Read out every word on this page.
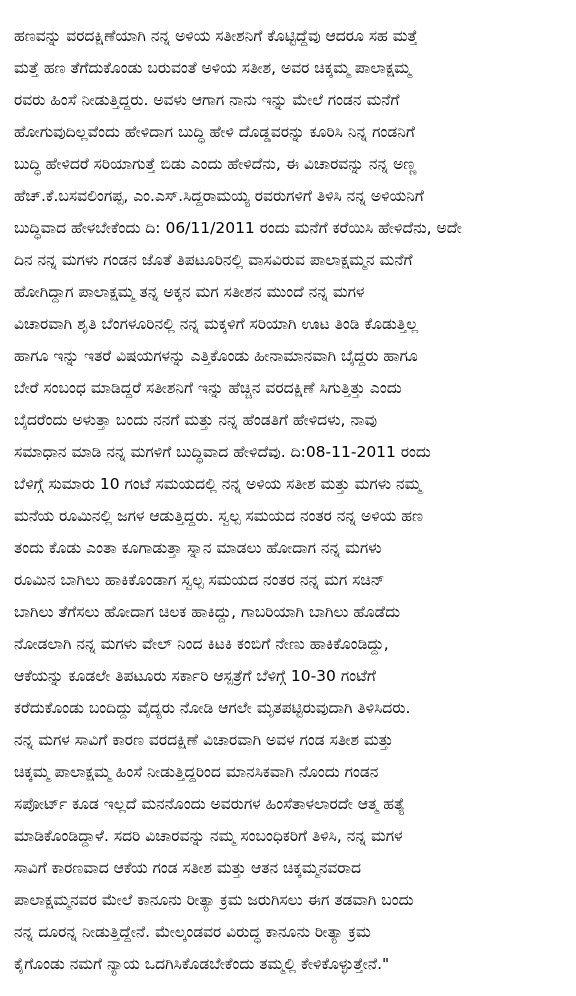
ಹಣವನ್ನು ವರದಕ್ಷಿಣೆಯಾಗಿ ನನ್ನ ಅಳಿಯ ಸತೀಶನಿಗೆ ಕೊಟ್ಟಿದ್ದೆವು ಆದರೂ ಸಹ ಮತ್ತೆ
ಮತ್ತೆ ಹಣ ತೆಗೆದುಕೊಂಡು ಬರುವಂತೆ ಅಳಿಯ ಸತೀಶ, ಅವರ ಚಿಕ್ಕಮ್ಮ ಪಾಲಾಕ್ಷಮ್ಮ
ರವರು ಹಿಂಸೆ ನೀಡುತ್ತಿದ್ದರು. ಅವಳು ಆಗಾಗ ನಾನು ಇನ್ನು ಮೇಲೆ ಗಂಡನ ಮನೆಗೆ
ಹೋಗುವುದಿಲ್ಲವೆಂದು ಹೇಳಿದಾಗ ಬುದ್ಧಿ ಹೇಳಿ ದೊಡ್ಡವರನ್ನು ಕೂರಿಸಿ ನಿನ್ನ ಗಂಡನಿಗೆ
ಬುದ್ಧಿ ಹೇಳಿದರೆ ಸರಿಯಾಗುತ್ತೆ ಬಿಡು ಎಂದು ಹೇಳಿದೆನು, ಈ ವಿಚಾರವನ್ನು ನನ್ನ ಅಣ್ಣ
ಹೆಚ್.ಕೆ.ಬಸವಲಿಂಗಪ್ಪ, ಎಂ.ಎಸ್.ಸಿದ್ದರಾಮಯ್ಯ ರವರುಗಳಿಗೆ ತಿಳಿಸಿ ನನ್ನ ಅಳಿಯನಿಗೆ
ಬುದ್ಧಿವಾದ ಹೇಳಬೇಕೆಂದು ದಿ: 06/11/2011 ರಂದು ಮನೆಗೆ ಕರೆಯಿಸಿ ಹೇಳಿದೆನು, ಅದೇ
ದಿನ ನನ್ನ ಮಗಳು ಗಂಡನ ಜೊತೆ ತಿಪಟೂರಿನಲ್ಲಿ ವಾಸವಿರುವ ಪಾಲಾಕ್ಷಮ್ಮನ ಮನೆಗೆ
ಹೋಗಿದ್ದಾಗ ಪಾಲಾಕ್ಷಮ್ಮ ತನ್ನ ಅಕ್ಕನ ಮಗ ಸತೀಶನ ಮುಂದೆ ನನ್ನ ಮಗಳ
ವಿಚಾರವಾಗಿ ಶೃತಿ ಬೆಂಗಳೂರಿನಲ್ಲಿ ನನ್ನ ಮಕ್ಕಳಿಗೆ ಸರಿಯಾಗಿ ಊಟ ತಿಂಡಿ ಕೊಡುತ್ತಿಲ್ಲ
ಹಾಗೂ ಇನ್ನು ಇತರೆ ವಿಷಯಗಳನ್ನು ಎತ್ತಿಕೊಂಡು ಹೀನಾಮಾನವಾಗಿ ಬೈದ್ದರು ಹಾಗೂ
ಬೇರೆ ಸಂಬಂಧ ಮಾಡಿದ್ದರೆ ಸತೀಶನಿಗೆ ಇನ್ನು ಹೆಚ್ಚಿನ ವರದಕ್ಷಿಣೆ ಸಿಗುತ್ತಿತ್ತು ಎಂದು
ಬೈದರೆಂದು ಅಳುತ್ತಾ ಬಂದು ನನಗೆ ಮತ್ತು ನನ್ನ ಹೆಂಡತಿಗೆ ಹೇಳಿದಳು, ನಾವು
ಸಮಾಧಾನ ಮಾಡಿ ನನ್ನ ಮಗಳಿಗೆ ಬುದ್ಧಿವಾದ ಹೇಳಿದೆವು. ದಿ:08-11-2011 ರಂದು
ಬೆಳಿಗ್ಗೆ ಸುಮಾರು 10 ಗಂಟೆ ಸಮಯದಲ್ಲಿ ನನ್ನ ಅಳಿಯ ಸತೀಶ ಮತ್ತು ಮಗಳು ನಮ್ಮ
ಮನೆಯ ರೂಮಿನಲ್ಲಿ ಜಗಳ ಆಡುತ್ತಿದ್ದರು. ಸ್ವಲ್ಪ ಸಮಯದ ನಂತರ ನನ್ನ ಅಳಿಯ ಹಣ
ತಂದು ಕೊಡು ಎಂತಾ ಕೂಗಾಡುತ್ತಾ ಸ್ನಾನ ಮಾಡಲು ಹೋದಾಗ ನನ್ನ ಮಗಳು
ರೂಮಿನ ಬಾಗಿಲು ಹಾಕಿಕೊಂಡಾಗ ಸ್ವಲ್ಪ ಸಮಯದ ನಂತರ ನನ್ನ ಮಗ ಸಚಿನ್
ಬಾಗಿಲು ತೆಗೆಸಲು ಹೋದಾಗ ಚಿಲಕ ಹಾಕಿದ್ದು, ಗಾಬರಿಯಾಗಿ ಬಾಗಿಲು ಹೊಡೆದು
ನೋಡಲಾಗಿ ನನ್ನ ಮಗಳು ವೇಲ್ ನಿಂದ ಕಿಟಕಿ ಕಂಬಿಗೆ ನೇಣು ಹಾಕಿಕೊಂಡಿದ್ದು,
ಆಕೆಯನ್ನು ಕೂಡಲೇ ತಿಪಟೂರು ಸರ್ಕಾರಿ ಆಸ್ಪತ್ರೆಗೆ ಬೆಳಿಗ್ಗೆ 10-30 ಗಂಟೆಗೆ
ಕರೆದುಕೊಂಡು ಬಂದಿದ್ದು ವೈದ್ಯರು ನೋಡಿ ಆಗಲೇ ಮೃತಪಟ್ಟಿರುವುದಾಗಿ ತಿಳಿಸಿದರು.
ನನ್ನ ಮಗಳ ಸಾವಿಗೆ ಕಾರಣ ವರದಕ್ಷಿಣೆ ವಿಚಾರವಾಗಿ ಅವಳ ಗಂಡ ಸತೀಶ ಮತ್ತು
ಚಿಕ್ಕಮ್ಮ ಪಾಲಾಕ್ಷಮ್ಮ ಹಿಂಸೆ ನೀಡುತ್ತಿದ್ದರಿಂದ ಮಾನಸಿಕವಾಗಿ ನೊಂದು ಗಂಡನ
ಸಪೋರ್ಟ್ ಕೂಡ ಇಲ್ಲದೆ ಮನನೊಂದು ಅವರುಗಳ ಹಿಂಸೆತಾಳಲಾರದೇ ಆತ್ಮ ಹತ್ಯೆ
ಮಾಡಿಕೊಂಡಿದ್ದಾಳೆ. ಸದರಿ ವಿಚಾರವನ್ನು ನಮ್ಮ ಸಂಬಂಧಿಕರಿಗೆ ತಿಳಿಸಿ, ನನ್ನ ಮಗಳ
ಸಾವಿಗೆ ಕಾರಣವಾದ ಆಕೆಯ ಗಂಡ ಸತೀಶ ಮತ್ತು ಆತನ ಚಿಕ್ಕಮ್ಮನವರಾದ
ಪಾಲಾಕ್ಷಮ್ಮನವರ ಮೇಲೆ ಕಾನೂನು ರೀತ್ಯಾ ಕ್ರಮ ಜರುಗಿಸಲು ಈಗ ತಡವಾಗಿ ಬಂದು
ನನ್ನ ದೂರನ್ನ ನೀಡುತ್ತಿದ್ದೇನೆ. ಮೇಲ್ಕಂಡವರ ವಿರುದ್ಧ ಕಾನೂನು ರೀತ್ಯಾ ಕ್ರಮ
ಕೈಗೊಂಡು ನಮಗೆ ನ್ಯಾಯ ಒದಗಿಸಿಕೊಡಬೇಕೆಂದು ತಮ್ಮಲ್ಲಿ ಕೇಳಿಕೊಳ್ಳುತ್ತೇನೆ."
